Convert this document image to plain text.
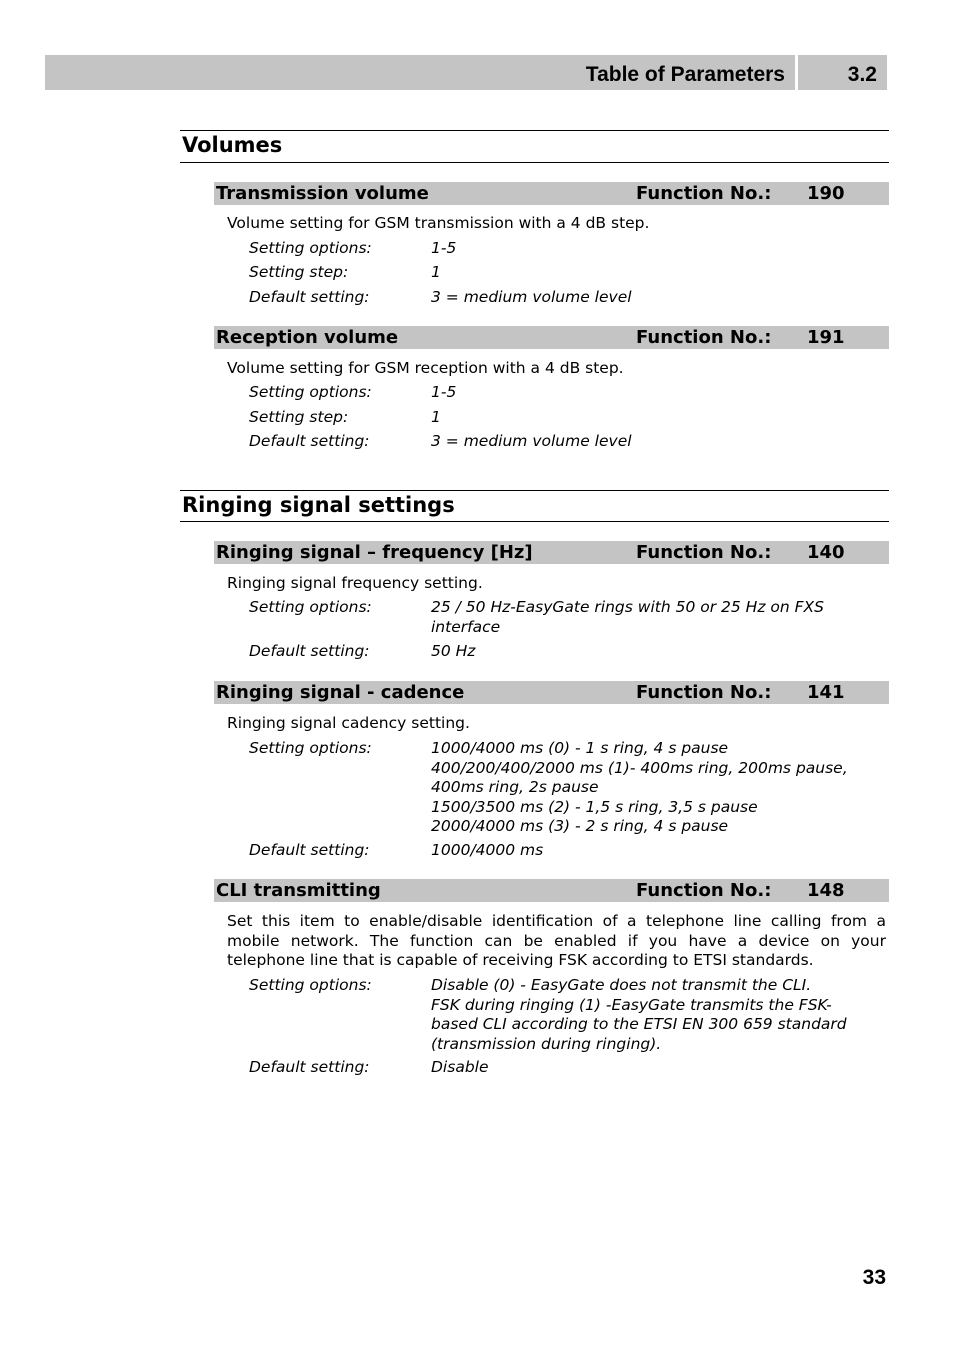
Table of Parameters	3.2
Volumes
Transmission volume	Function No.: 190
Volume setting for GSM transmission with a 4 dB step.
Setting options:	1-5
Setting step:	1
Default setting:	3 = medium volume level
Reception volume	Function No.: 191
Volume setting for GSM reception with a 4 dB step.
Setting options:	1-5
Setting step:	1
Default setting:	3 = medium volume level
Ringing signal settings
Ringing signal – frequency [Hz]	Function No.: 140
Ringing signal frequency setting.
Setting options:	25 / 50 Hz-EasyGate rings with 50 or 25 Hz on FXS
interface
Default setting:	50 Hz
Ringing signal - cadence	Function No.: 141
Ringing signal cadency setting.
Setting options:	1000/4000 ms (0) - 1 s ring, 4 s pause
400/200/400/2000 ms (1)- 400ms ring, 200ms pause,
400ms ring, 2s pause
1500/3500 ms (2) - 1,5 s ring, 3,5 s pause
2000/4000 ms (3) - 2 s ring, 4 s pause
Default setting:	1000/4000 ms
CLI transmitting	Function No.: 148
Set this item to enable/disable identification of a telephone line calling from a mobile network. The function can be enabled if you have a device on your telephone line that is capable of receiving FSK according to ETSI standards.
Setting options:	Disable (0) - EasyGate does not transmit the CLI.
FSK during ringing (1) -EasyGate transmits the FSK-
based CLI according to the ETSI EN 300 659 standard
(transmission during ringing).
Default setting:	Disable
33
